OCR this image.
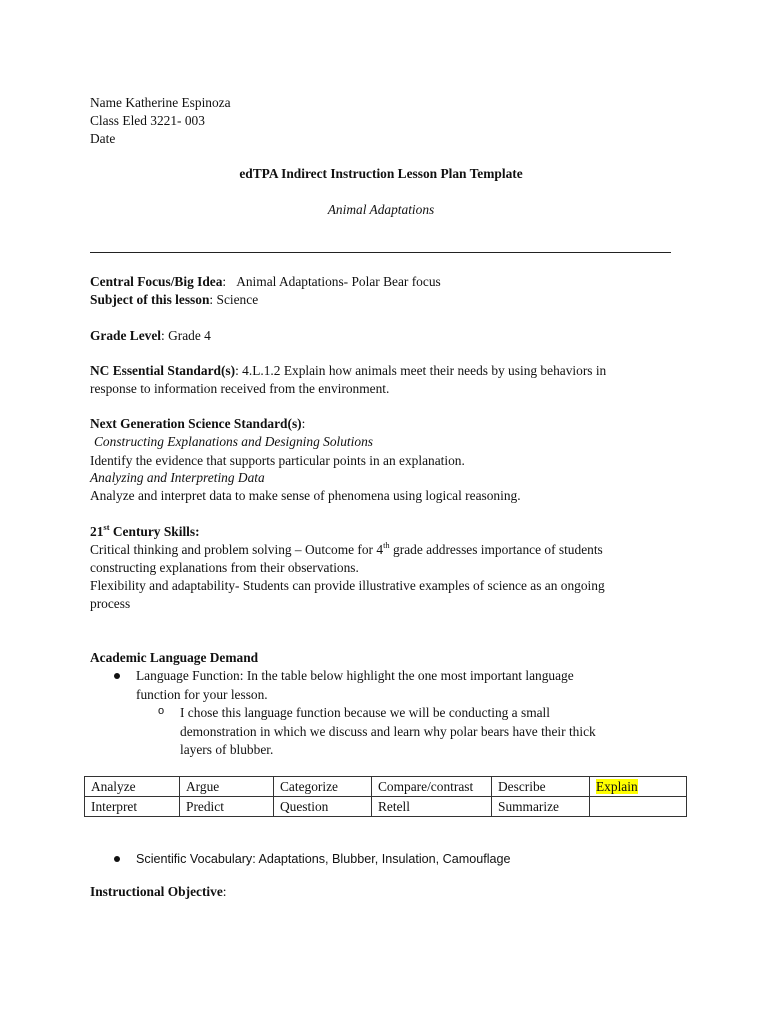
Name Katherine Espinoza
Class Eled 3221- 003
Date
edTPA Indirect Instruction Lesson Plan Template
Animal Adaptations
Central Focus/Big Idea:   Animal Adaptations- Polar Bear focus
Subject of this lesson: Science
Grade Level: Grade 4
NC Essential Standard(s): 4.L.1.2 Explain how animals meet their needs by using behaviors in
response to information received from the environment.
Next Generation Science Standard(s):
Constructing Explanations and Designing Solutions
Identify the evidence that supports particular points in an explanation.
Analyzing and Interpreting Data
Analyze and interpret data to make sense of phenomena using logical reasoning.
21st Century Skills:
Critical thinking and problem solving – Outcome for 4th grade addresses importance of students
constructing explanations from their observations.
Flexibility and adaptability- Students can provide illustrative examples of science as an ongoing
process
Academic Language Demand
Language Function: In the table below highlight the one most important language
function for your lesson.
o I chose this language function because we will be conducting a small
demonstration in which we discuss and learn why polar bears have their thick
layers of blubber.
Analyze	Argue	Categorize	Compare/contrast	Describe	Explain
Interpret	Predict	Question	Retell	Summarize	
Scientific Vocabulary: Adaptations, Blubber, Insulation, Camouflage
Instructional Objective:
